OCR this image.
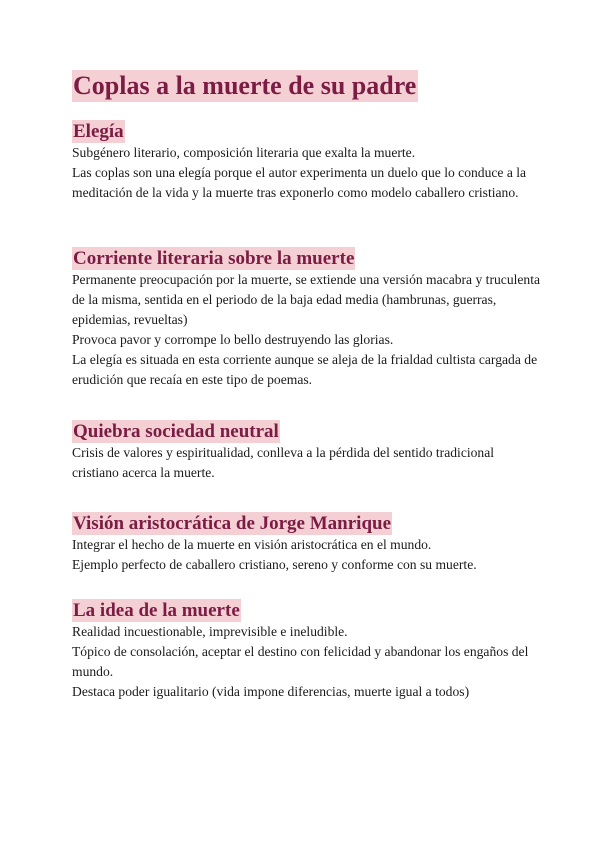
Coplas a la muerte de su padre
Elegía

Subgénero literario, composición literaria que exalta la muerte.

Las coplas son una elegía porque el autor experimenta un duelo que lo conduce a la meditación de la vida y la muerte tras exponerlo como modelo caballero cristiano.

Corriente literaria sobre la muerte

Permanente preocupación por la muerte, se extiende una versión macabra y truculenta de la misma, sentida en el periodo de la baja edad media (hambrunas, guerras, epidemias, revueltas)

Provoca pavor y corrompe lo bello destruyendo las glorias.

La elegía es situada en esta corriente aunque se aleja de la frialdad cultista cargada de erudición que recaía en este tipo de poemas.

Quiebra sociedad neutral

Crisis de valores y espiritualidad, conlleva a la pérdida del sentido tradicional cristiano acerca la muerte.

Visión aristocrática de Jorge Manrique

Integrar el hecho de la muerte en visión aristocrática en el mundo.

Ejemplo perfecto de caballero cristiano, sereno y conforme con su muerte.

La idea de la muerte

Realidad incuestionable, imprevisible e ineludible.

Tópico de consolación, aceptar el destino con felicidad y abandonar los engaños del mundo.

Destaca poder igualitario (vida impone diferencias, muerte igual a todos)
